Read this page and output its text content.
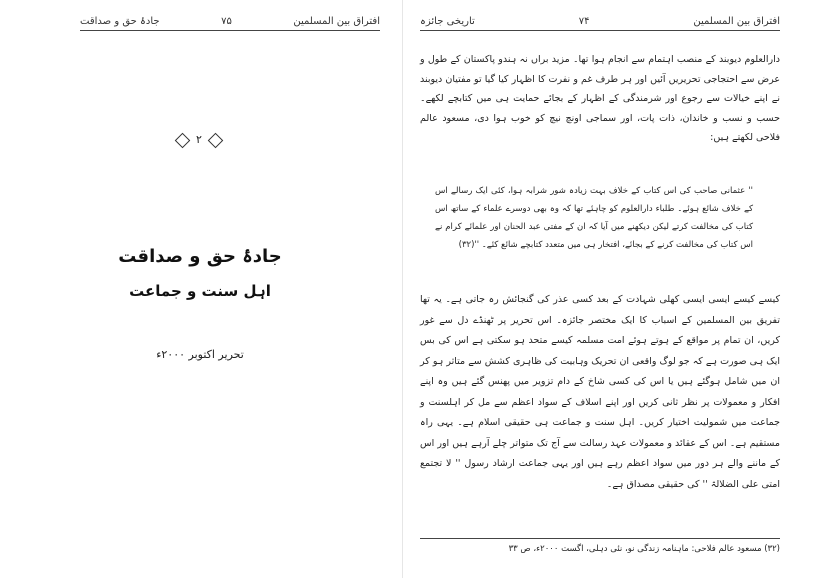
افتراق بین المسلمین
۷۵
جادۂ حق و صداقت
۲
جادۂ حق و صداقت
اہل سنت و جماعت
تحریر اکتوبر ۲۰۰۰ء
افتراق بین المسلمین
۷۴
تاریخی جائزہ
دارالعلوم دیوبند کے منصب اہتمام سے انجام ہوا تھا۔ مزید براں نہ ہندو پاکستان کے طول و عرض سے احتجاجی تحریریں آئیں اور ہر طرف غم و نفرت کا اظہار کیا گیا تو مفتیان دیوبند نے اپنے خیالات سے رجوع اور شرمندگی کے اظہار کے بجائے حمایت ہی میں کتابچے لکھے۔ حسب و نسب و خاندان، ذات پات، اور سماجی اونچ نیچ کو خوب ہوا دی، مسعود عالم فلاحی لکھتے ہیں:
'' عثمانی صاحب کی اس کتاب کے خلاف بہت زیادہ شور شرابہ ہوا، کئی ایک رسالے اس کے خلاف شائع ہوئے۔ طلباء دارالعلوم کو چاہئے تھا کہ وہ بھی دوسرے علماء کے ساتھ اس کتاب کی مخالفت کرتے لیکن دیکھنے میں آیا کہ ان کے مفتی عبد الحنان اور علمائے کرام نے اس کتاب کی مخالفت کرنے کے بجائے، افتخار ہی میں متعدد کتابچے شائع کئے۔ ''(۳۲)
کیسے کیسے ایسی ایسی کھلی شہادت کے بعد کسی عذر کی گنجائش رہ جاتی ہے۔ یہ تھا تفریق بین المسلمین کے اسباب کا ایک مختصر جائزہ۔ اس تحریر پر ٹھنڈے دل سے غور کریں، ان تمام پر مواقع کے ہوتے ہوئے امت مسلمہ کیسے متحد ہو سکتی ہے اس کی بس ایک ہی صورت ہے کہ جو لوگ واقعی ان تحریک وہابیت کی ظاہری کشش سے متاثر ہو کر ان میں شامل ہوگئے ہیں یا اس کی کسی شاخ کے دام تزویر میں پھنس گئے ہیں وہ اپنے افکار و معمولات پر نظر ثانی کریں اور اپنے اسلاف کے سواد اعظم سے مل کر اہلسنت و جماعت میں شمولیت اختیار کریں۔ اہل سنت و جماعت ہی حقیقی اسلام ہے۔ یہی راہ مستقیم ہے۔ اس کے عقائد و معمولات عہد رسالت سے آج تک متواتر چلے آرہے ہیں اور اس کے ماننے والے ہر دور میں سواد اعظم رہے ہیں اور یہی جماعت ارشاد رسول '' لا تجتمع امتی علی الضلالۃ '' کی حقیقی مصداق ہے۔
(۳۲) مسعود عالم فلاحی: ماہنامہ زندگی نو، نئی دہلی، اگست ۲۰۰۰ء، ص ۳۳
